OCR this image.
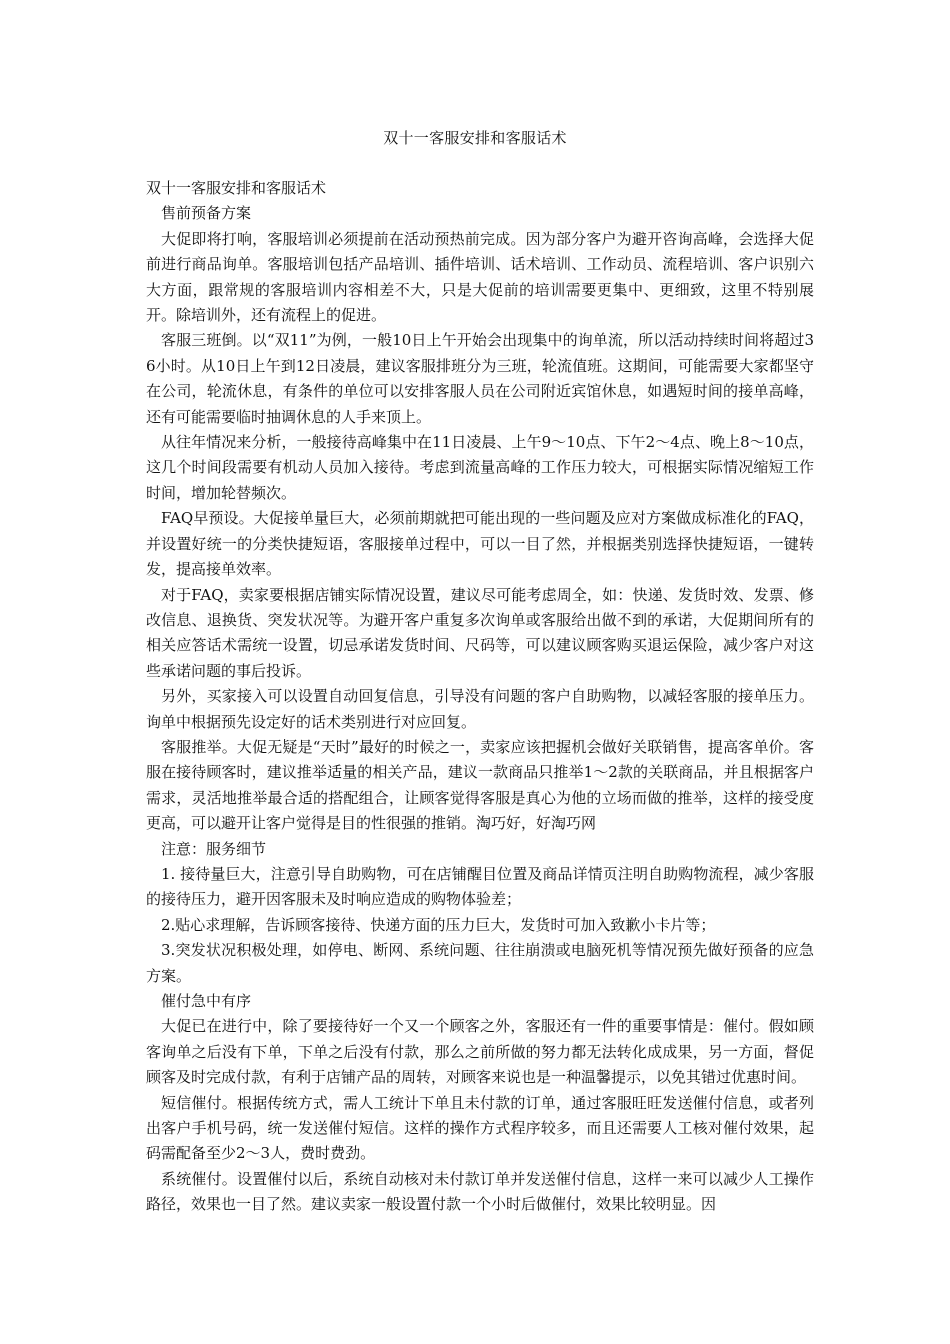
双十一客服安排和客服话术

双十一客服安排和客服话术

售前预备方案

大促即将打响，客服培训必须提前在活动预热前完成。因为部分客户为避开咨询高峰，会选择大促前进行商品询单。客服培训包括产品培训、插件培训、话术培训、工作动员、流程培训、客户识别六大方面，跟常规的客服培训内容相差不大，只是大促前的培训需要更集中、更细致，这里不特别展开。除培训外，还有流程上的促进。

客服三班倒。以“双11”为例，一般10日上午开始会出现集中的询单流，所以活动持续时间将超过36小时。从10日上午到12日凌晨，建议客服排班分为三班，轮流值班。这期间，可能需要大家都坚守在公司，轮流休息，有条件的单位可以安排客服人员在公司附近宾馆休息，如遇短时间的接单高峰，还有可能需要临时抽调休息的人手来顶上。

从往年情况来分析，一般接待高峰集中在11日凌晨、上午9～10点、下午2～4点、晚上8～10点，这几个时间段需要有机动人员加入接待。考虑到流量高峰的工作压力较大，可根据实际情况缩短工作时间，增加轮替频次。

FAQ早预设。大促接单量巨大，必须前期就把可能出现的一些问题及应对方案做成标准化的FAQ，并设置好统一的分类快捷短语，客服接单过程中，可以一目了然，并根据类别选择快捷短语，一键转发，提高接单效率。

对于FAQ，卖家要根据店铺实际情况设置，建议尽可能考虑周全，如：快递、发货时效、发票、修改信息、退换货、突发状况等。为避开客户重复多次询单或客服给出做不到的承诺，大促期间所有的相关应答话术需统一设置，切忌承诺发货时间、尺码等，可以建议顾客购买退运保险，减少客户对这些承诺问题的事后投诉。

另外，买家接入可以设置自动回复信息，引导没有问题的客户自助购物，以减轻客服的接单压力。询单中根据预先设定好的话术类别进行对应回复。

客服推举。大促无疑是“天时”最好的时候之一，卖家应该把握机会做好关联销售，提高客单价。客服在接待顾客时，建议推举适量的相关产品，建议一款商品只推举1～2款的关联商品，并且根据客户需求，灵活地推举最合适的搭配组合，让顾客觉得客服是真心为他的立场而做的推举，这样的接受度更高，可以避开让客户觉得是目的性很强的推销。淘巧好，好淘巧网

注意：服务细节

1. 接待量巨大，注意引导自助购物，可在店铺醒目位置及商品详情页注明自助购物流程，减少客服的接待压力，避开因客服未及时响应造成的购物体验差；

2.贴心求理解，告诉顾客接待、快递方面的压力巨大，发货时可加入致歉小卡片等；

3.突发状况积极处理，如停电、断网、系统问题、往往崩溃或电脑死机等情况预先做好预备的应急方案。

催付急中有序

大促已在进行中，除了要接待好一个又一个顾客之外，客服还有一件的重要事情是：催付。假如顾客询单之后没有下单，下单之后没有付款，那么之前所做的努力都无法转化成成果，另一方面，督促顾客及时完成付款，有利于店铺产品的周转，对顾客来说也是一种温馨提示，以免其错过优惠时间。

短信催付。根据传统方式，需人工统计下单且未付款的订单，通过客服旺旺发送催付信息，或者列出客户手机号码，统一发送催付短信。这样的操作方式程序较多，而且还需要人工核对催付效果，起码需配备至少2～3人，费时费劲。

系统催付。设置催付以后，系统自动核对未付款订单并发送催付信息，这样一来可以减少人工操作路径，效果也一目了然。建议卖家一般设置付款一个小时后做催付，效果比较明显。因
